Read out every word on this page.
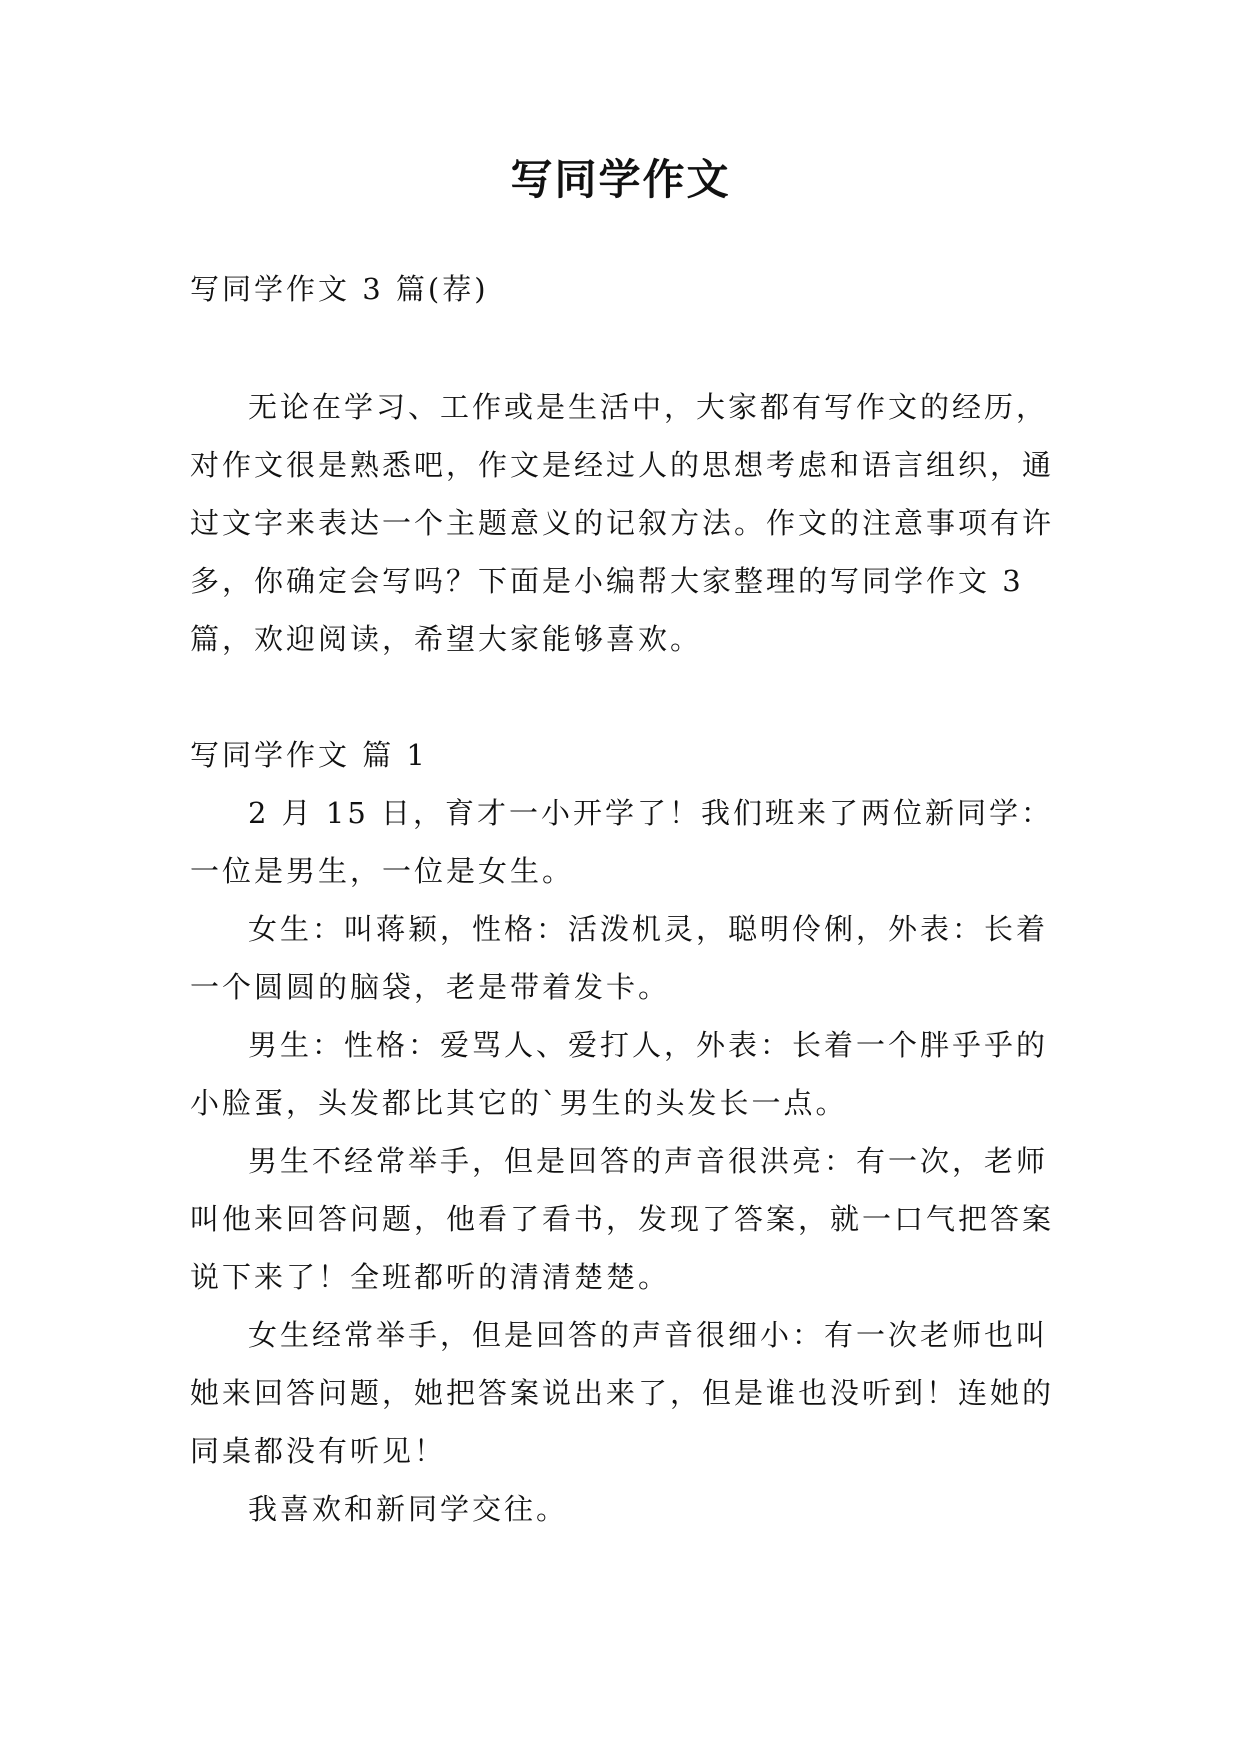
写同学作文

写同学作文 3 篇(荐)

无论在学习、工作或是生活中，大家都有写作文的经历，对作文很是熟悉吧，作文是经过人的思想考虑和语言组织，通过文字来表达一个主题意义的记叙方法。作文的注意事项有许多，你确定会写吗？下面是小编帮大家整理的写同学作文 3 篇，欢迎阅读，希望大家能够喜欢。

写同学作文 篇 1

2 月 15 日，育才一小开学了！我们班来了两位新同学：一位是男生，一位是女生。

女生：叫蒋颖，性格：活泼机灵，聪明伶俐，外表：长着一个圆圆的脑袋，老是带着发卡。

男生：性格：爱骂人、爱打人，外表：长着一个胖乎乎的小脸蛋，头发都比其它的`男生的头发长一点。

男生不经常举手，但是回答的声音很洪亮：有一次，老师叫他来回答问题，他看了看书，发现了答案，就一口气把答案说下来了！全班都听的清清楚楚。

女生经常举手，但是回答的声音很细小：有一次老师也叫她来回答问题，她把答案说出来了，但是谁也没听到！连她的同桌都没有听见！

我喜欢和新同学交往。
